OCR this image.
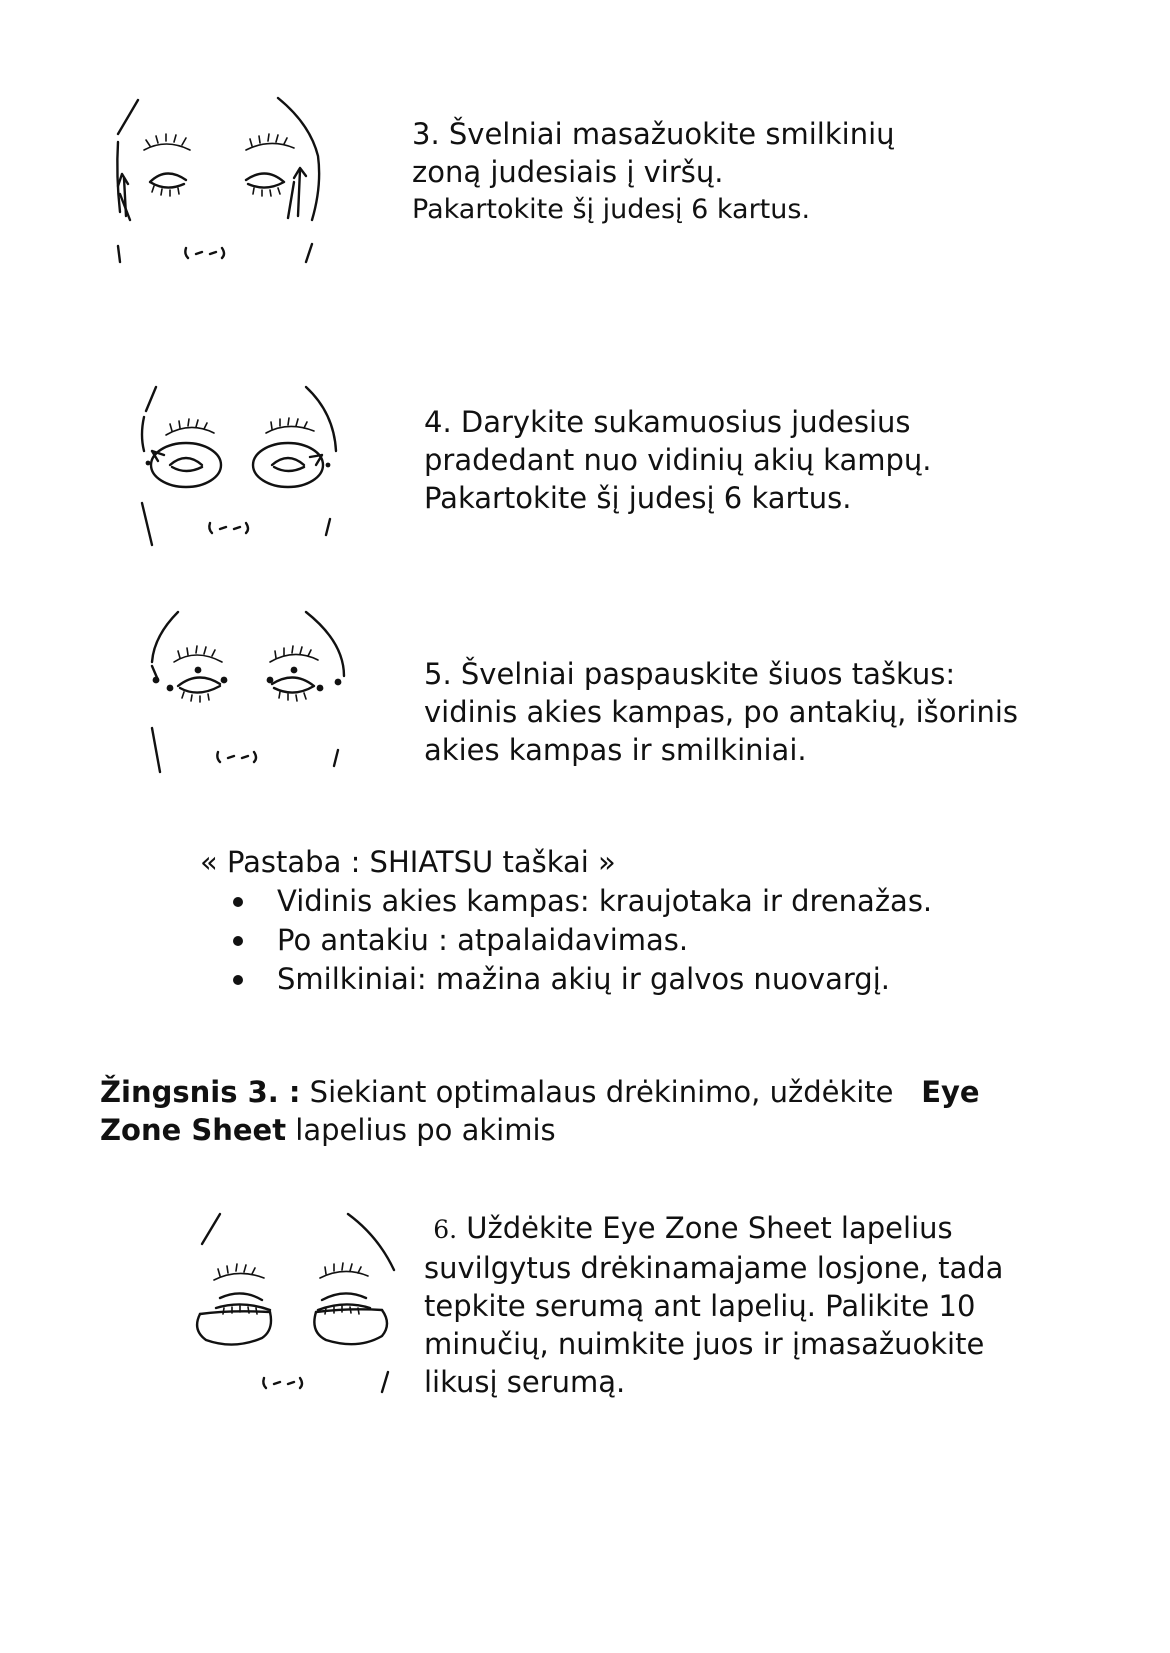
3. Švelniai masažuokite smilkinių
zoną judesiais į viršų.
Pakartokite šį judesį 6 kartus.
4. Darykite sukamuosius judesius
pradedant nuo vidinių akių kampų.
Pakartokite šį judesį 6 kartus.
5. Švelniai paspauskite šiuos taškus:
vidinis akies kampas, po antakių, išorinis
akies kampas ir smilkiniai.
« Pastaba : SHIATSU taškai »
Vidinis akies kampas: kraujotaka ir drenažas.
Po antakiu : atpalaidavimas.
Smilkiniai: mažina akių ir galvos nuovargį.
Žingsnis 3. : Siekiant optimalaus drėkinimo, uždėkite   Eye
Zone Sheet lapelius po akimis
6. Uždėkite Eye Zone Sheet lapelius
suvilgytus drėkinamajame losjone, tada
tepkite serumą ant lapelių. Palikite 10
minučių, nuimkite juos ir įmasažuokite
likusį serumą.
